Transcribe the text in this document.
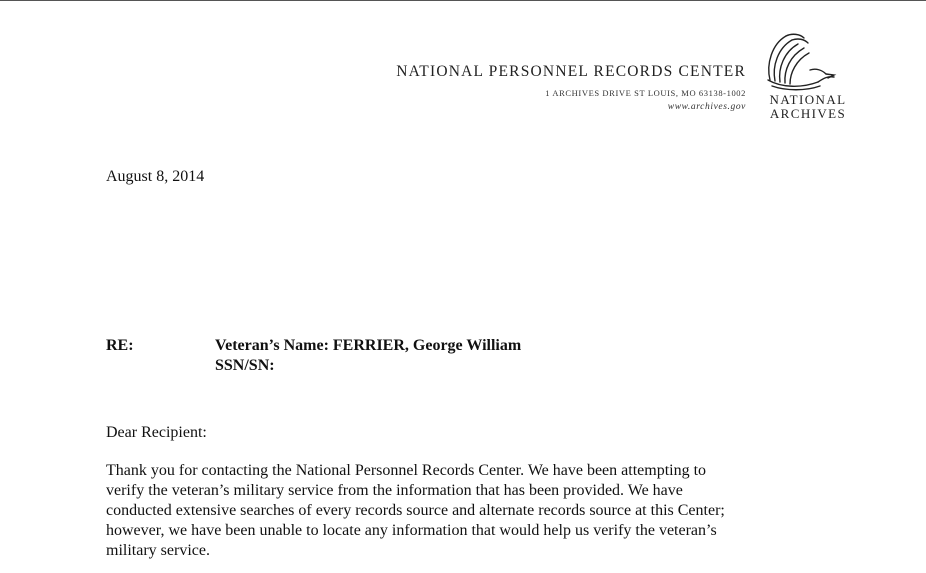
NATIONAL PERSONNEL RECORDS CENTER
1 ARCHIVES DRIVE ST LOUIS, MO 63138-1002
www.archives.gov	NATIONAL
ARCHIVES
August 8, 2014
RE:	Veteran’s Name: FERRIER, George William
SSN/SN:
Dear Recipient:
Thank you for contacting the National Personnel Records Center. We have been attempting to
verify the veteran’s military service from the information that has been provided. We have
conducted extensive searches of every records source and alternate records source at this Center;
however, we have been unable to locate any information that would help us verify the veteran’s
military service.
